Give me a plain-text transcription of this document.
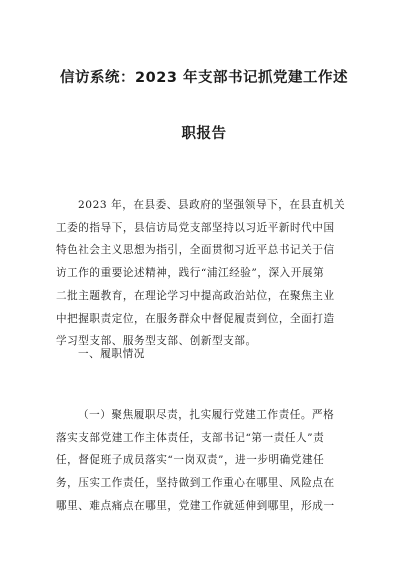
信访系统：2023 年支部书记抓党建工作述
职报告
2023 年，在县委、县政府的坚强领导下，在县直机关
工委的指导下，县信访局党支部坚持以习近平新时代中国
特色社会主义思想为指引，全面贯彻习近平总书记关于信
访工作的重要论述精神，践行“浦江经验”，深入开展第
二批主题教育，在理论学习中提高政治站位，在聚焦主业
中把握职责定位，在服务群众中督促履责到位，全面打造
学习型支部、服务型支部、创新型支部。
一、履职情况
（一）聚焦履职尽责，扎实履行党建工作责任。严格
落实支部党建工作主体责任，支部书记“第一责任人”责
任，督促班子成员落实“一岗双责”，进一步明确党建任
务，压实工作责任，坚持做到工作重心在哪里、风险点在
哪里、难点痛点在哪里，党建工作就延伸到哪里，形成一
